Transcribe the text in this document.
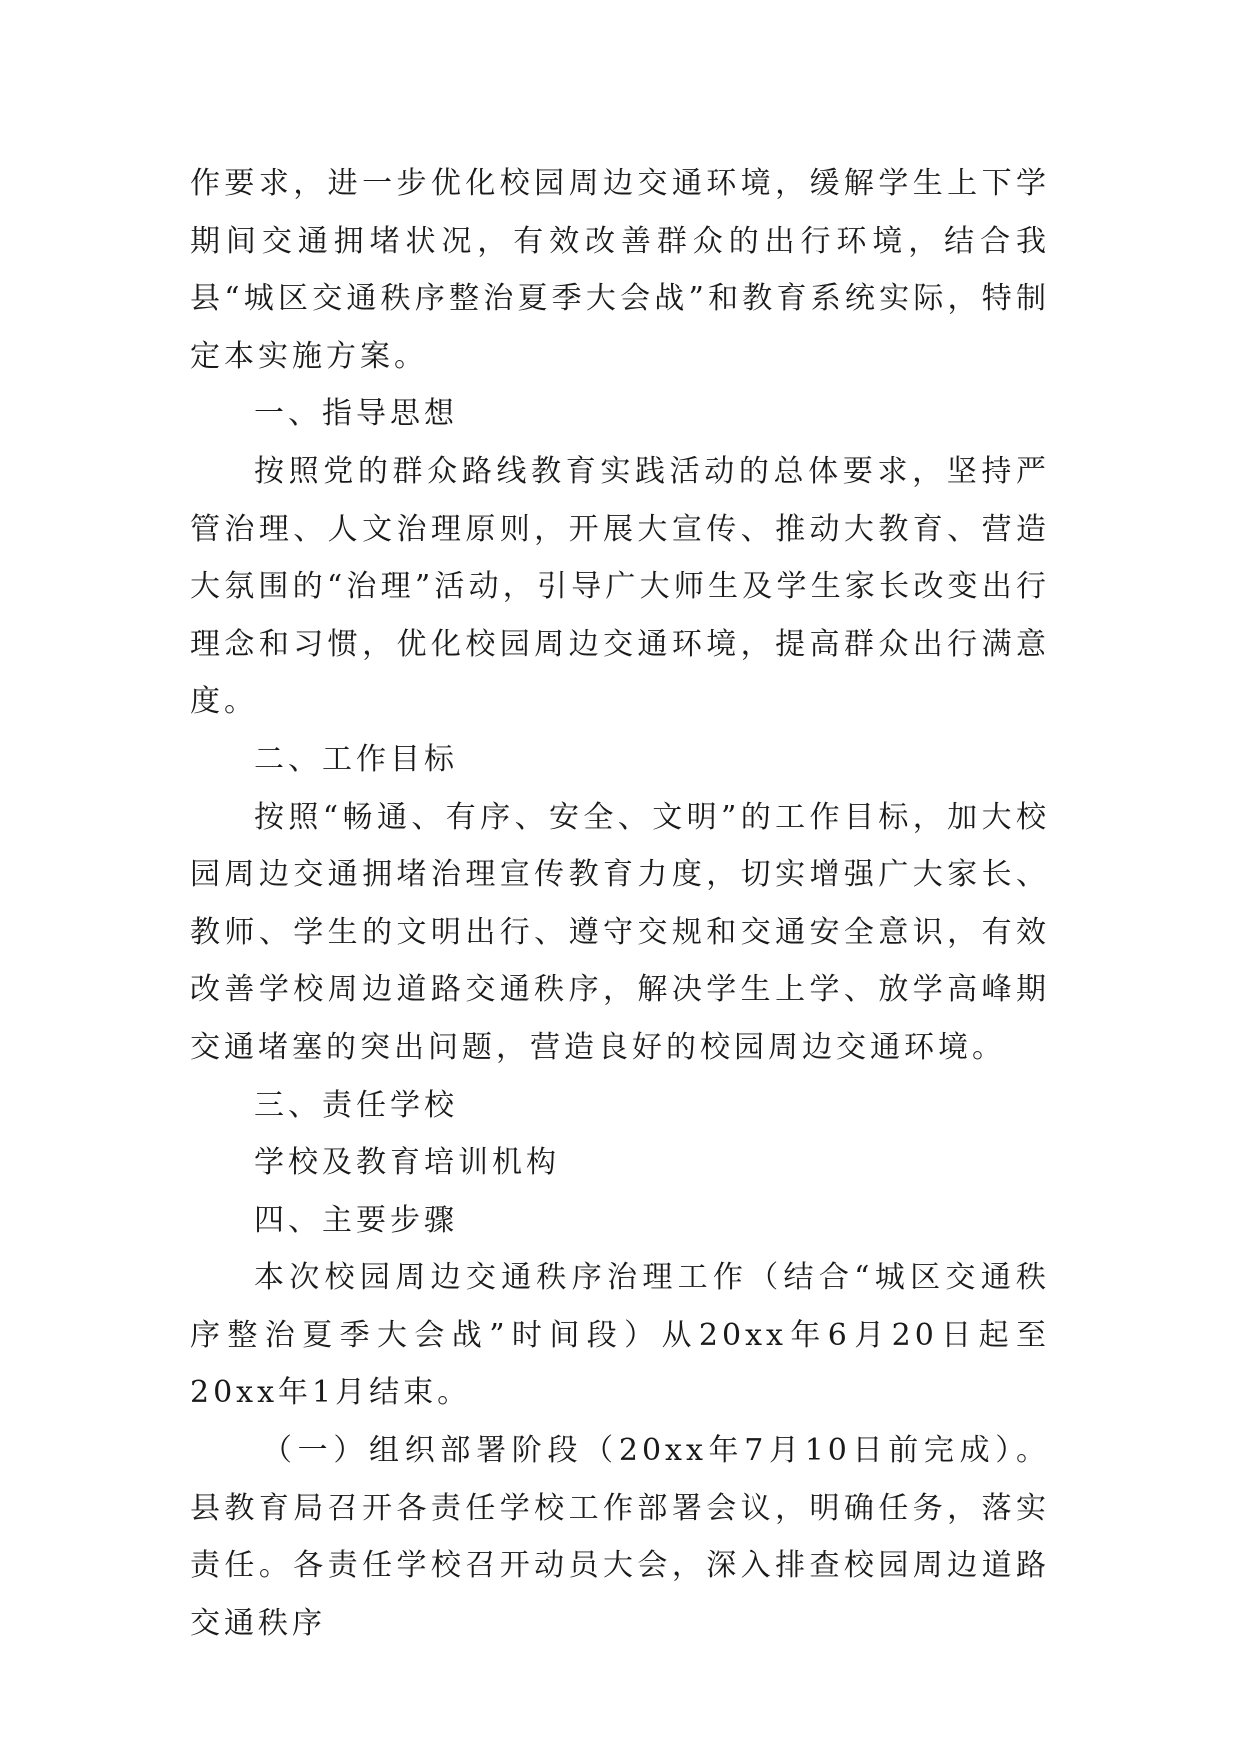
作要求，进一步优化校园周边交通环境，缓解学生上下学期间交通拥堵状况，有效改善群众的出行环境，结合我县“城区交通秩序整治夏季大会战”和教育系统实际，特制定本实施方案。

一、指导思想

按照党的群众路线教育实践活动的总体要求，坚持严管治理、人文治理原则，开展大宣传、推动大教育、营造大氛围的“治理”活动，引导广大师生及学生家长改变出行理念和习惯，优化校园周边交通环境，提高群众出行满意度。

二、工作目标

按照“畅通、有序、安全、文明”的工作目标，加大校园周边交通拥堵治理宣传教育力度，切实增强广大家长、教师、学生的文明出行、遵守交规和交通安全意识，有效改善学校周边道路交通秩序，解决学生上学、放学高峰期交通堵塞的突出问题，营造良好的校园周边交通环境。

三、责任学校

学校及教育培训机构

四、主要步骤

本次校园周边交通秩序治理工作（结合“城区交通秩序整治夏季大会战”时间段）从20xx年6月20日起至20xx年1月结束。

（一）组织部署阶段（20xx年7月10日前完成）。县教育局召开各责任学校工作部署会议，明确任务，落实责任。各责任学校召开动员大会，深入排查校园周边道路交通秩序
